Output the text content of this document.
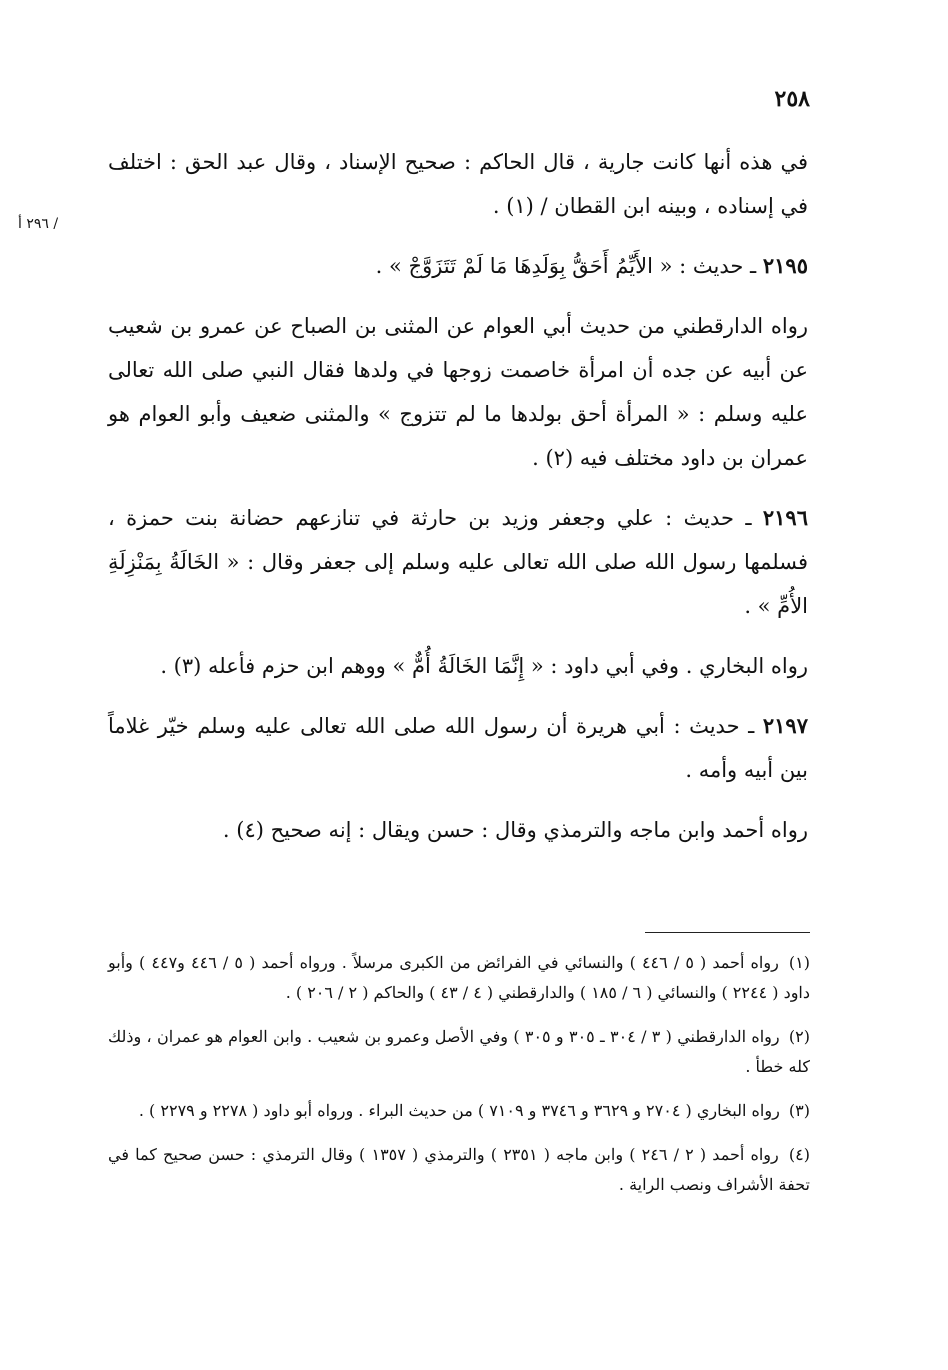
٢٥٨
/ ٢٩٦ أ

في هذه أنها كانت جارية ، قال الحاكم : صحيح الإسناد ، وقال عبد الحق : اختلف في إسناده ، وبينه ابن القطان / (١) .

٢١٩٥ ـ حديث : « الأَيِّمُ أَحَقُّ بِوَلَدِهَا مَا لَمْ تَتَزَوَّجْ » .

رواه الدارقطني من حديث أبي العوام عن المثنى بن الصباح عن عمرو بن شعيب عن أبيه عن جده أن امرأة خاصمت زوجها في ولدها فقال النبي صلى الله تعالى عليه وسلم : « المرأة أحق بولدها ما لم تتزوج » والمثنى ضعيف وأبو العوام هو عمران بن داود مختلف فيه (٢) .

٢١٩٦ ـ حديث : علي وجعفر وزيد بن حارثة في تنازعهم حضانة بنت حمزة ، فسلمها رسول الله صلى الله تعالى عليه وسلم إلى جعفر وقال : « الخَالَةُ بِمَنْزِلَةِ الأُمِّ » .

رواه البخاري . وفي أبي داود : « إِنَّمَا الخَالَةُ أُمٌّ » ووهم ابن حزم فأعله (٣) .

٢١٩٧ ـ حديث : أبي هريرة أن رسول الله صلى الله تعالى عليه وسلم خيّر غلاماً بين أبيه وأمه .

رواه أحمد وابن ماجه والترمذي وقال : حسن ويقال : إنه صحيح (٤) .

(١) رواه أحمد ( ٥ / ٤٤٦ ) والنسائي في الفرائض من الكبرى مرسلاً . ورواه أحمد ( ٥ / ٤٤٦ و٤٤٧ ) وأبو داود ( ٢٢٤٤ ) والنسائي ( ٦ / ١٨٥ ) والدارقطني ( ٤ / ٤٣ ) والحاكم ( ٢ / ٢٠٦ ) .

(٢) رواه الدارقطني ( ٣ / ٣٠٤ ـ ٣٠٥ و ٣٠٥ ) وفي الأصل وعمرو بن شعيب . وابن العوام هو عمران ، وذلك كله خطأ .

(٣) رواه البخاري ( ٢٧٠٤ و ٣٦٢٩ و ٣٧٤٦ و ٧١٠٩ ) من حديث البراء . ورواه أبو داود ( ٢٢٧٨ و ٢٢٧٩ ) .

(٤) رواه أحمد ( ٢ / ٢٤٦ ) وابن ماجه ( ٢٣٥١ ) والترمذي ( ١٣٥٧ ) وقال الترمذي : حسن صحيح كما في تحفة الأشراف ونصب الراية .
